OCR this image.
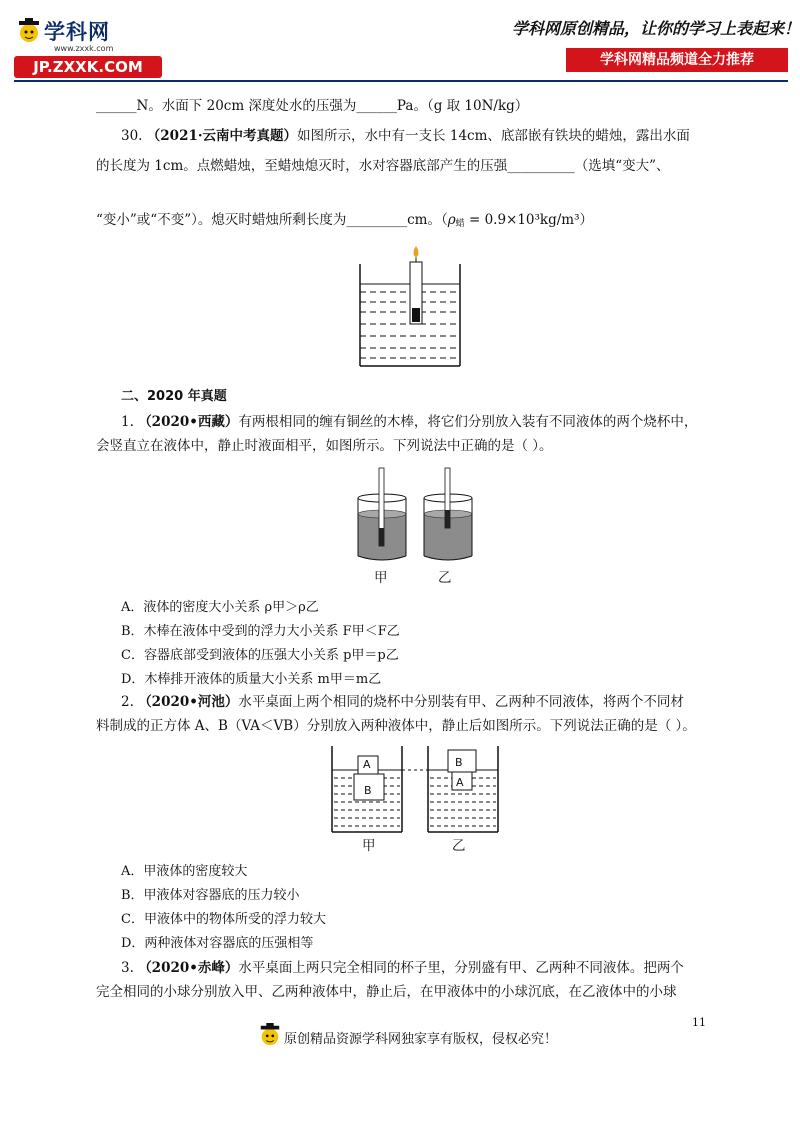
学科网
www.zxxk.com
JP.ZXXK.COM
学科网原创精品，让你的学习上表起来！
学科网精品频道全力推荐
______N。水面下 20cm 深度处水的压强为______Pa。（g 取 10N/kg）
30. （2021·云南中考真题）如图所示，水中有一支长 14cm、底部嵌有铁块的蜡烛，露出水面
的长度为 1cm。点燃蜡烛，至蜡烛熄灭时，水对容器底部产生的压强__________（选填“变大”、
“变小”或“不变”）。熄灭时蜡烛所剩长度为_________cm。$(\rho_蜡 = 0.9\times 10^3kg/m^3)$
二、2020 年真题
1. （2020•西藏）有两根相同的缠有铜丝的木棒，将它们分别放入装有不同液体的两个烧杯中，
会竖直立在液体中，静止时液面相平，如图所示。下列说法中正确的是（ ）。
甲	乙
A．液体的密度大小关系 ρ甲＞ρ乙
B．木棒在液体中受到的浮力大小关系 F甲＜F乙
C．容器底部受到液体的压强大小关系 p甲＝p乙
D．木棒排开液体的质量大小关系 m甲＝m乙
2. （2020•河池）水平桌面上两个相同的烧杯中分别装有甲、乙两种不同液体，将两个不同材
料制成的正方体 A、B（VA＜VB）分别放入两种液体中，静止后如图所示。下列说法正确的是（ ）。
A
B
B
A
甲	乙
A．甲液体的密度较大
B．甲液体对容器底的压力较小
C．甲液体中的物体所受的浮力较大
D．两种液体对容器底的压强相等
3. （2020•赤峰）水平桌面上两只完全相同的杯子里，分别盛有甲、乙两种不同液体。把两个
完全相同的小球分别放入甲、乙两种液体中，静止后，在甲液体中的小球沉底，在乙液体中的小球
11
原创精品资源学科网独家享有版权，侵权必究！
